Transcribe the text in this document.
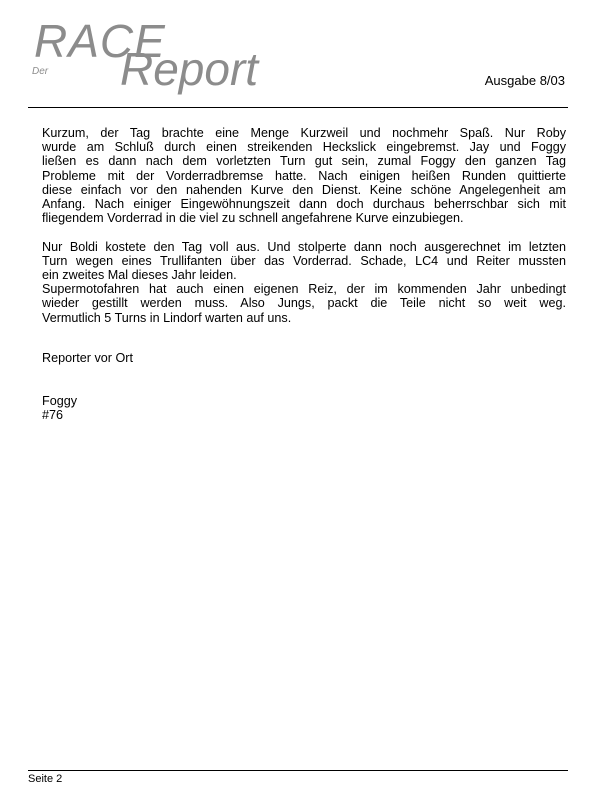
RACE
Der Report	Ausgabe 8/03

Kurzum, der Tag brachte eine Menge Kurzweil und nochmehr Spaß. Nur Roby
wurde am Schluß durch einen streikenden Heckslick eingebremst. Jay und Foggy
ließen es dann nach dem vorletzten Turn gut sein, zumal Foggy den ganzen Tag
Probleme mit der Vorderradbremse hatte. Nach einigen heißen Runden quittierte
diese einfach vor den nahenden Kurve den Dienst. Keine schöne Angelegenheit am
Anfang. Nach einiger Eingewöhnungszeit dann doch durchaus beherrschbar sich mit
fliegendem Vorderrad in die viel zu schnell angefahrene Kurve einzubiegen.

Nur Boldi kostete den Tag voll aus. Und stolperte dann noch ausgerechnet im letzten
Turn wegen eines Trullifanten über das Vorderrad. Schade, LC4 und Reiter mussten
ein zweites Mal dieses Jahr leiden.

Supermotofahren hat auch einen eigenen Reiz, der im kommenden Jahr unbedingt
wieder gestillt werden muss. Also Jungs, packt die Teile nicht so weit weg.
Vermutlich 5 Turns in Lindorf warten auf uns.

Reporter vor Ort
Foggy
#76
Seite 2
